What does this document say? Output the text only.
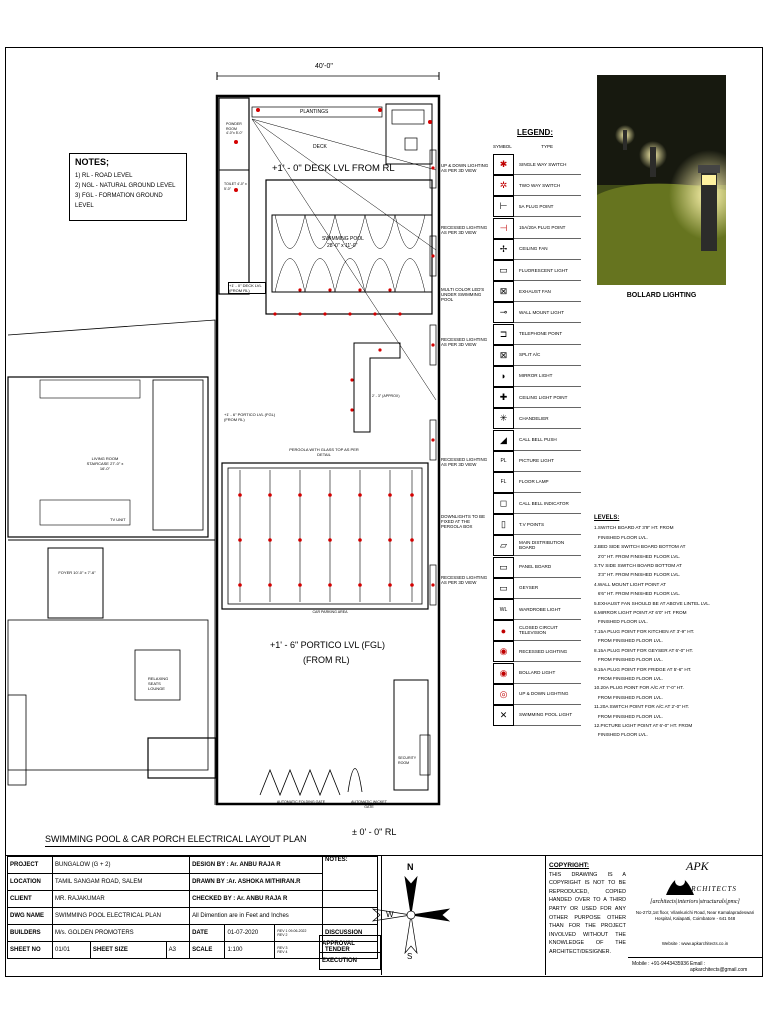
40'-0"
PLANTINGS
DECK
+1' - 0" DECK LVL FROM RL
POWDER ROOM 4'-0"x 5'-0"
TOILET 4'-0" x 5'-0"
+1' - 0" DECK LVL (FROM RL)
SWIMMING POOL
28'-0" x 11'-0"
2' - 3" (APPROX)
+1' - 6" PORTICO LVL (FGL) (FROM RL)
PERGOLA WITH GLASS TOP AS PER DETAIL
CAR PARKING AREA
+1' - 6" PORTICO LVL (FGL)
(FROM RL)
LIVING ROOM STAIRCASE 27'-0" x 16'-0"
TV UNIT
FOYER 10'-0" x 7'-6"
RELAXING SEATS LOUNGE
SECURITY ROOM
AUTOMATIC FOLDING GATE	AUTOMATIC WICKET GATE
± 0' - 0" RL
UP & DOWN LIGHTING AS PER 3D VIEW
RECESSED LIGHTING AS PER 3D VIEW
MULTI COLOR LED'S UNDER SWIMMING POOL
RECESSED LIGHTING AS PER 3D VIEW
RECESSED LIGHTING AS PER 3D VIEW
DOWNLIGHTS TO BE FIXED AT THE PERGOLA BOX
RECESSED LIGHTING AS PER 3D VIEW
NOTES;
1) RL - ROAD LEVEL
2) NGL - NATURAL GROUND LEVEL
3) FGL - FORMATION GROUND LEVEL
LEGEND:
SYMBOL	TYPE
✱	SINGLE WAY SWITCH
✲	TWO WAY SWITCH
⊢	5A PLUG POINT
⊣	15A/20A PLUG POINT
✢	CEILING FAN
▭	FLUORESCENT LIGHT
⊠	EXHAUST FAN
⊸	WALL MOUNT LIGHT
⊐	TELEPHONE POINT
⊠	SPLIT A/C
◗	MIRROR LIGHT
✚	CEILING LIGHT POINT
✳	CHANDELIER
◢	CALL BELL PUSH
PL	PICTURE LIGHT
FL	FLOOR LAMP
◻	CALL BELL INDICATOR
▯	T.V POINTS
▱	MAIN DISTRIBUTION BOARD
▭	PANEL BOARD
▭	GEYSER
WL	WARDROBE LIGHT
●	CLOSED CIRCUIT TELEVISION
◉	RECESSED LIGHTING
◉	BOLLARD LIGHT
◎	UP & DOWN LIGHTING
✕	SWIMMING POOL LIGHT
BOLLARD LIGHTING
LEVELS:
1.SWITCH BOARD AT 3'9" HT. FROM
FINISHED FLOOR LVL.
2.BED SIDE SWITCH BOARD BOTTOM AT
2'0" HT. FROM FINISHED FLOOR LVL.
3.TV SIDE SWITCH BOARD BOTTOM AT
3'3" HT. FROM FINISHED FLOOR LVL.
4.WALL MOUNT LIGHT POINT AT
6'6" HT. FROM FINISHED FLOOR LVL.
5.EXHAUST FAN SHOULD BE AT ABOVE LINTEL LVL.
6.MIRROR LIGHT POINT AT 6'0" HT. FROM
FINISHED FLOOR LVL.
7.15A PLUG POINT FOR KITCHEN AT 3'-9" HT.
FROM FINISHED FLOOR LVL.
8.15A PLUG POINT FOR GEYSER AT 6'-0" HT.
FROM FINISHED FLOOR LVL.
9.15A PLUG POINT FOR FRIDGE AT 5'-6" HT.
FROM FINISHED FLOOR LVL.
10.20A PLUG POINT FOR A/C AT 7'-0" HT.
FROM FINISHED FLOOR LVL.
11.20A SWITCH POINT FOR A/C AT 2'-0" HT.
FROM FINISHED FLOOR LVL.
12.PICTURE LIGHT POINT AT 6'-0" HT. FROM
FINISHED FLOOR LVL.
SWIMMING POOL & CAR PORCH ELECTRICAL LAYOUT PLAN
PROJECT	BUNGALOW (G + 2)			DESIGN BY : Ar. ANBU RAJA R			NOTES:
LOCATION	TAMIL SANGAM ROAD, SALEM			DRAWN BY :Ar. ASHOKA MITHIRAN.R			
CLIENT	MR. RAJAKUMAR			CHECKED BY : Ar. ANBU RAJA R			
DWG NAME	SWIMMING POOL ELECTRICAL PLAN			All Dimention are in Feet and Inches			
BUILDERS	M/s. GOLDEN PROMOTERS			DATE	01-07-2020	REV 1 09-06-2022
REV 2	DISCUSSION
SHEET NO	01/01	SHEET SIZE	A3	SCALE	1:100	REV 3
REV 4	TENDER
APPROVAL
EXECUTION
N
S
W	E
COPYRIGHT:
THIS DRAWING IS A COPYRIGHT IS NOT TO BE REPRODUCED, COPIED HANDED OVER TO A THIRD PARTY OR USED FOR ANY OTHER PURPOSE OTHER THAN FOR THE PROJECT INVOLVED WITHOUT THE KNOWLEDGE OF THE ARCHITECT/DESIGNER.
APK
ARCHITECTS
[architects|interiors|structurals|pmc]
No-27/2,1st floor, Vilankurichi Road, Near Kamalapradeswari Hospital, Kalapatti, Coimbatore - 641 048
Website : www.apkarchitects.co.in
Mobile : +91-9443435936 Email : apkarchitects@gmail.com
